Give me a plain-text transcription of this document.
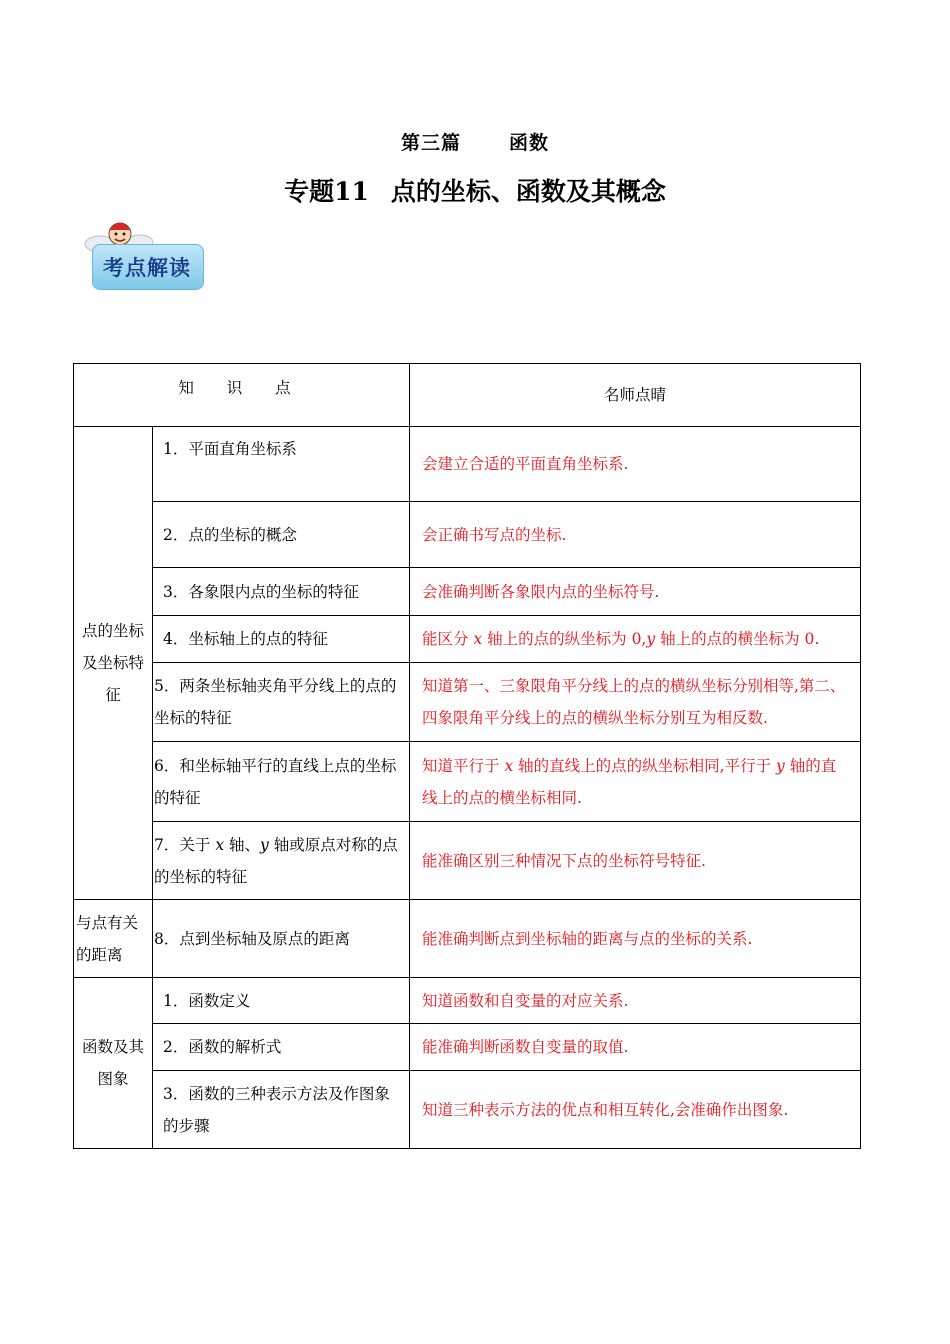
第三篇	函数
专题11 点的坐标、函数及其概念
考点解读
知 识 点		名师点晴
点的坐标及坐标特征	1．平面直角坐标系	会建立合适的平面直角坐标系.
	2．点的坐标的概念	会正确书写点的坐标.
	3．各象限内点的坐标的特征	会准确判断各象限内点的坐标符号.
	4．坐标轴上的点的特征	能区分 x 轴上的点的纵坐标为 0,y 轴上的点的横坐标为 0.
	5．两条坐标轴夹角平分线上的点的坐标的特征	知道第一、三象限角平分线上的点的横纵坐标分别相等,第二、四象限角平分线上的点的横纵坐标分别互为相反数.
	6．和坐标轴平行的直线上点的坐标的特征	知道平行于 x 轴的直线上的点的纵坐标相同,平行于 y 轴的直线上的点的横坐标相同.
	7．关于 x 轴、y 轴或原点对称的点的坐标的特征	能准确区别三种情况下点的坐标符号特征.
与点有关的距离	8．点到坐标轴及原点的距离	能准确判断点到坐标轴的距离与点的坐标的关系.
函数及其图象	1．函数定义	知道函数和自变量的对应关系.
	2．函数的解析式	能准确判断函数自变量的取值.
	3．函数的三种表示方法及作图象的步骤	知道三种表示方法的优点和相互转化,会准确作出图象.
